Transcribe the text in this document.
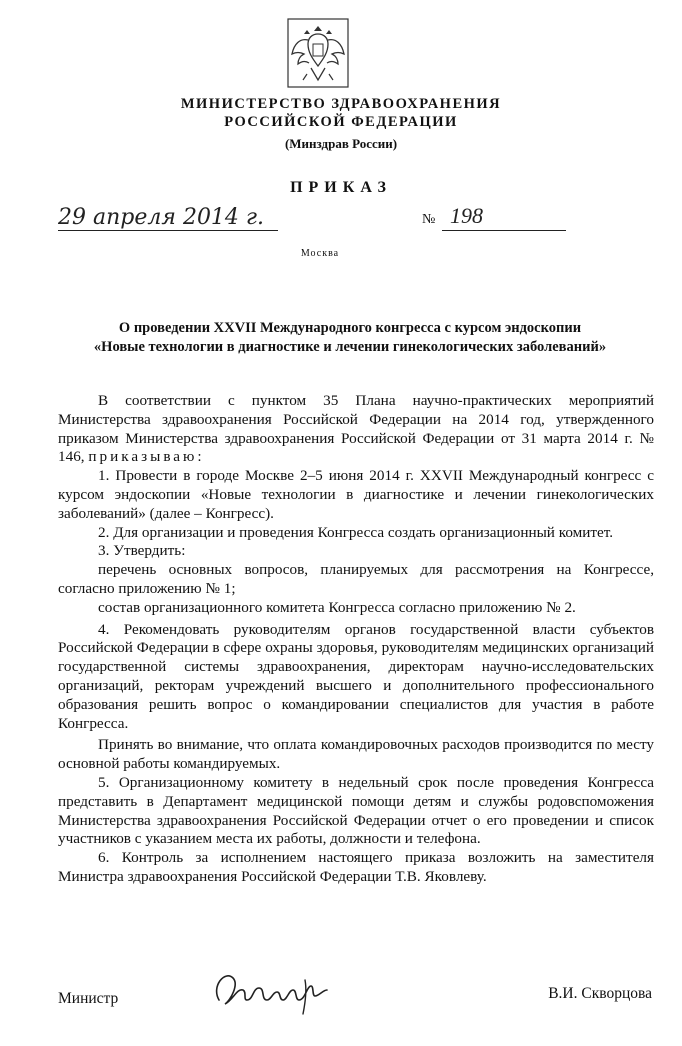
МИНИСТЕРСТВО ЗДРАВООХРАНЕНИЯ
РОССИЙСКОЙ ФЕДЕРАЦИИ
(Минздрав России)
ПРИКАЗ
29 апреля 2014 г.	№ 198
Москва
О проведении XXVII Международного конгресса с курсом эндоскопии
«Новые технологии в диагностике и лечении гинекологических заболеваний»

В соответствии с пунктом 35 Плана научно-практических мероприятий Министерства здравоохранения Российской Федерации на 2014 год, утвержденного приказом Министерства здравоохранения Российской Федерации от 31 марта 2014 г. № 146, приказываю:

1. Провести в городе Москве 2–5 июня 2014 г. XXVII Международный конгресс с курсом эндоскопии «Новые технологии в диагностике и лечении гинекологических заболеваний» (далее – Конгресс).

2. Для организации и проведения Конгресса создать организационный комитет.

3. Утвердить:

перечень основных вопросов, планируемых для рассмотрения на Конгрессе, согласно приложению № 1;

состав организационного комитета Конгресса согласно приложению № 2.

4. Рекомендовать руководителям органов государственной власти субъектов Российской Федерации в сфере охраны здоровья, руководителям медицинских организаций государственной системы здравоохранения, директорам научно-исследовательских организаций, ректорам учреждений высшего и дополнительного профессионального образования решить вопрос о командировании специалистов для участия в работе Конгресса.

Принять во внимание, что оплата командировочных расходов производится по месту основной работы командируемых.

5. Организационному комитету в недельный срок после проведения Конгресса представить в Департамент медицинской помощи детям и службы родовспоможения Министерства здравоохранения Российской Федерации отчет о его проведении и список участников с указанием места их работы, должности и телефона.

6. Контроль за исполнением настоящего приказа возложить на заместителя Министра здравоохранения Российской Федерации Т.В. Яковлеву.

Министр	В.И. Скворцова
